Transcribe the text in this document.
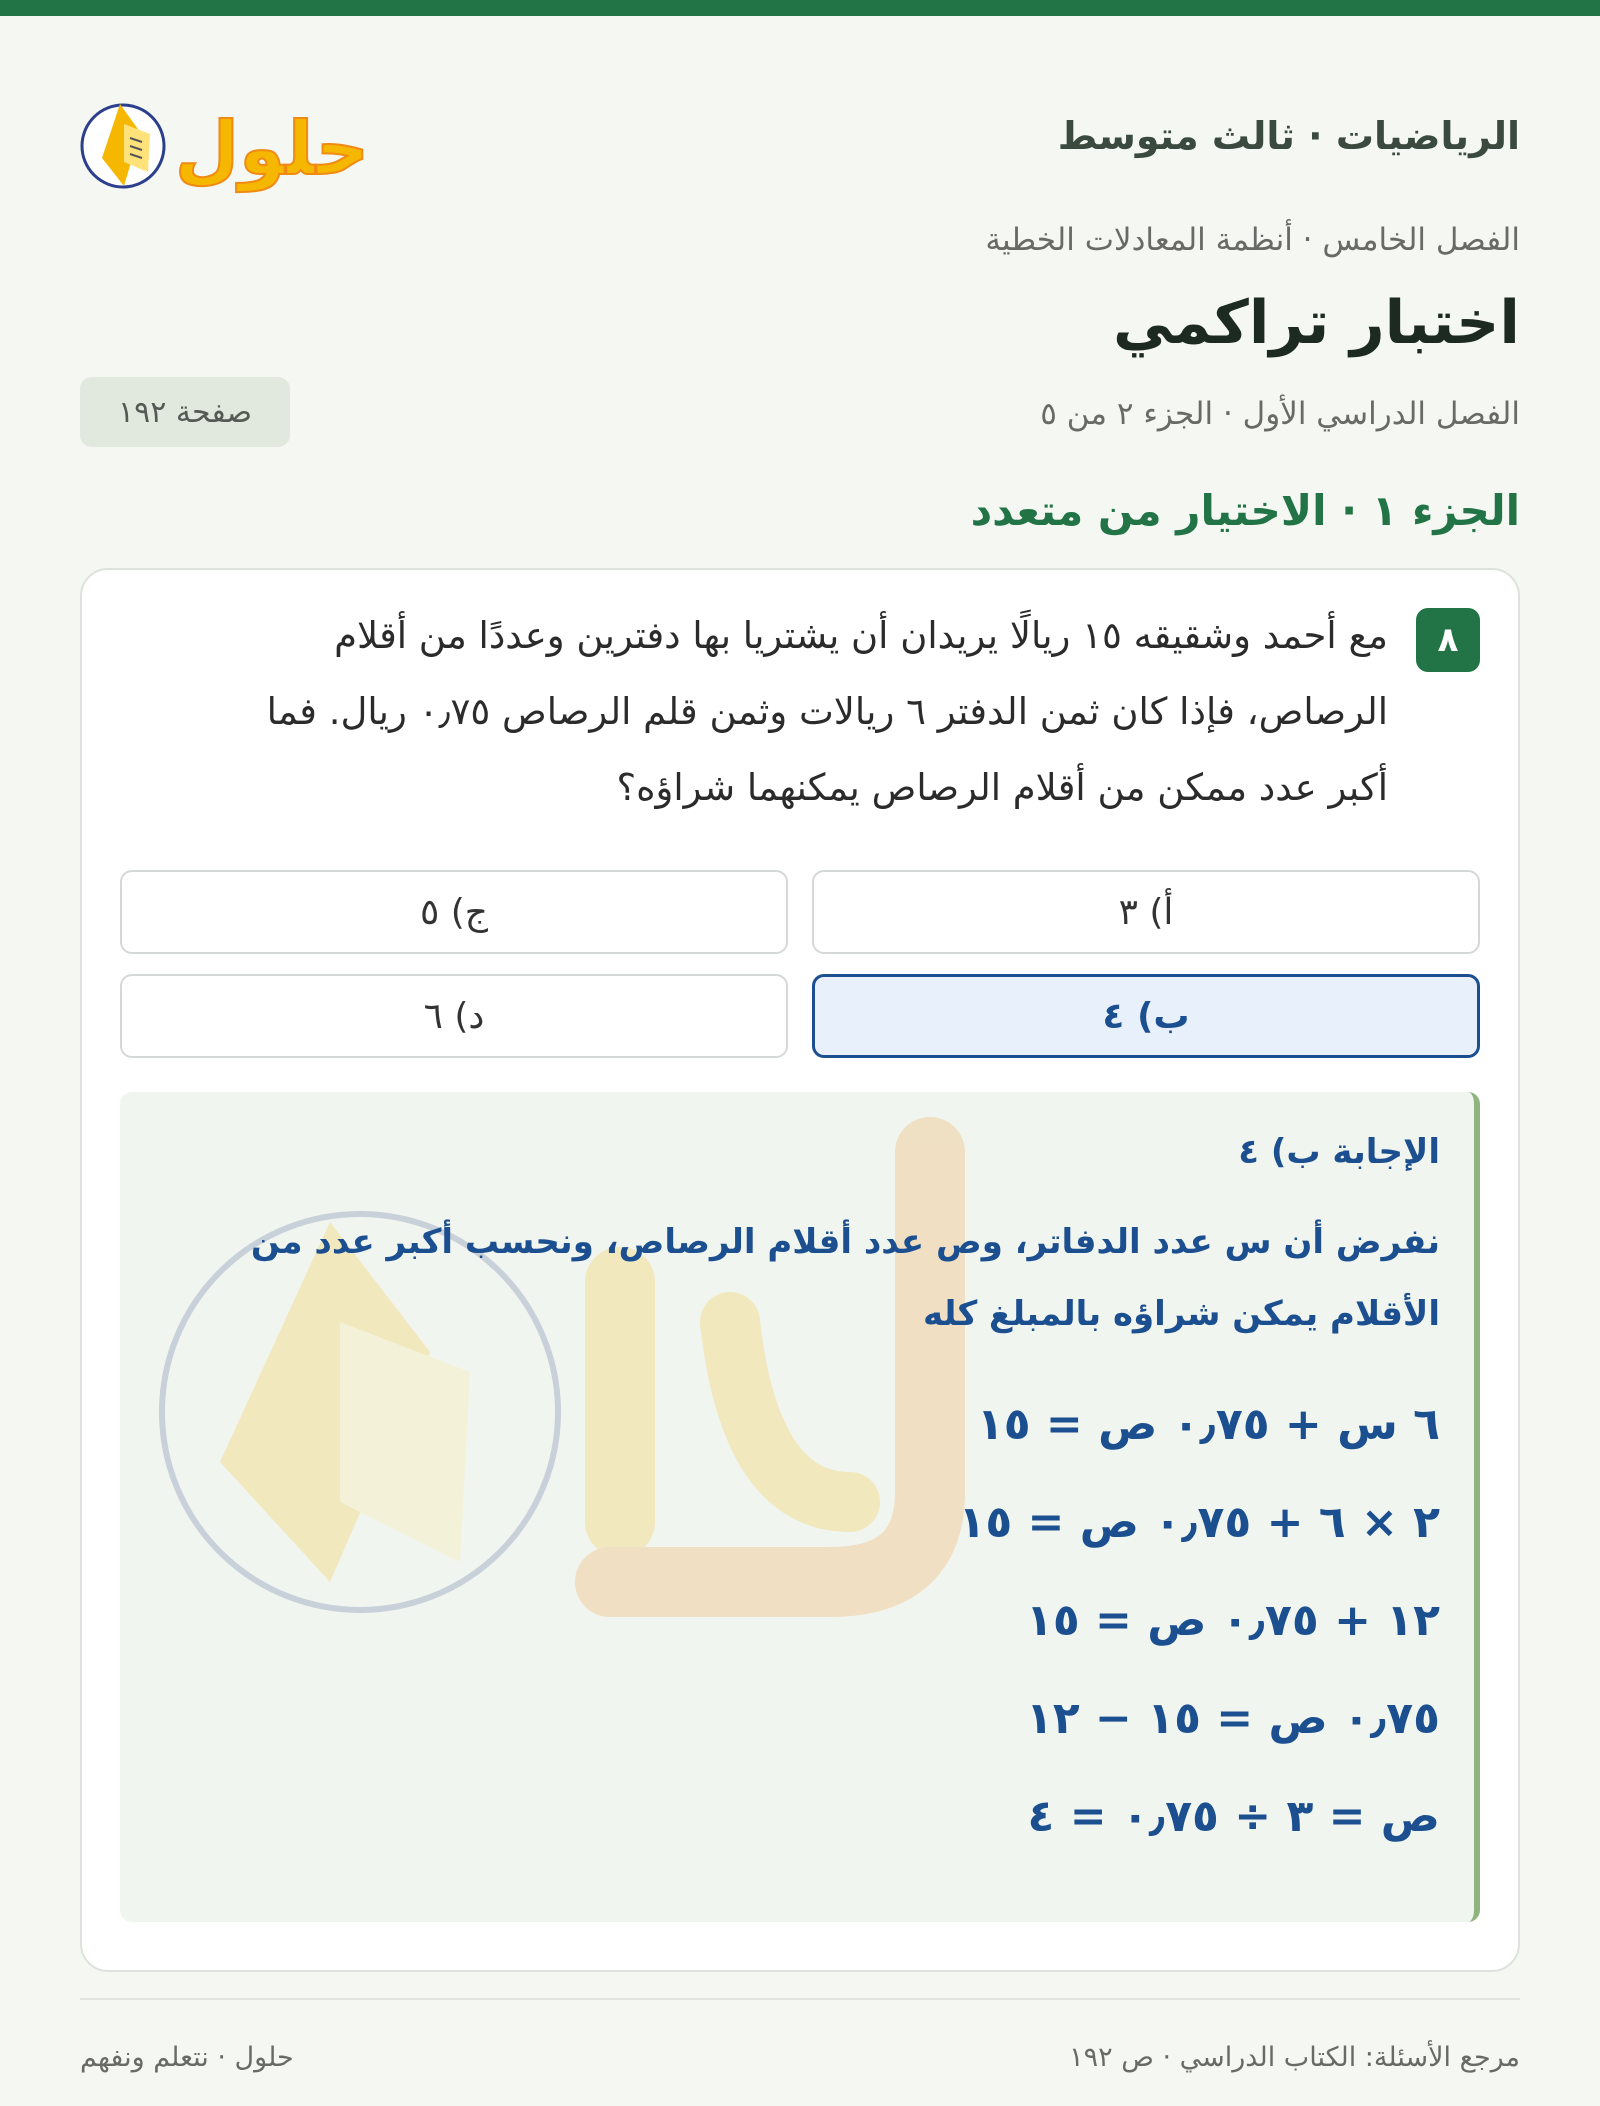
الرياضيات · ثالث متوسط
حلول
الفصل الخامس · أنظمة المعادلات الخطية
اختبار تراكمي
الفصل الدراسي الأول · الجزء ٢ من ٥
صفحة ١٩٢
الجزء ١ · الاختيار من متعدد
٨

مع أحمد وشقيقه ١٥ ريالًا يريدان أن يشتريا بها دفترين وعددًا من أقلام الرصاص، فإذا كان ثمن الدفتر ٦ ريالات وثمن قلم الرصاص ٠٫٧٥ ريال. فما أكبر عدد ممكن من أقلام الرصاص يمكنهما شراؤه؟

أ) ٣
ج) ٥
ب) ٤
د) ٦

الإجابة ب) ٤

نفرض أن س عدد الدفاتر، وص عدد أقلام الرصاص، ونحسب أكبر عدد من الأقلام يمكن شراؤه بالمبلغ كله

٦ س + ٠٫٧٥ ص = ١٥

٢ × ٦ + ٠٫٧٥ ص = ١٥

١٢ + ٠٫٧٥ ص = ١٥

٠٫٧٥ ص = ١٥ − ١٢

ص = ٣ ÷ ٠٫٧٥ = ٤

مرجع الأسئلة: الكتاب الدراسي · ص ١٩٢
حلول · نتعلم ونفهم
